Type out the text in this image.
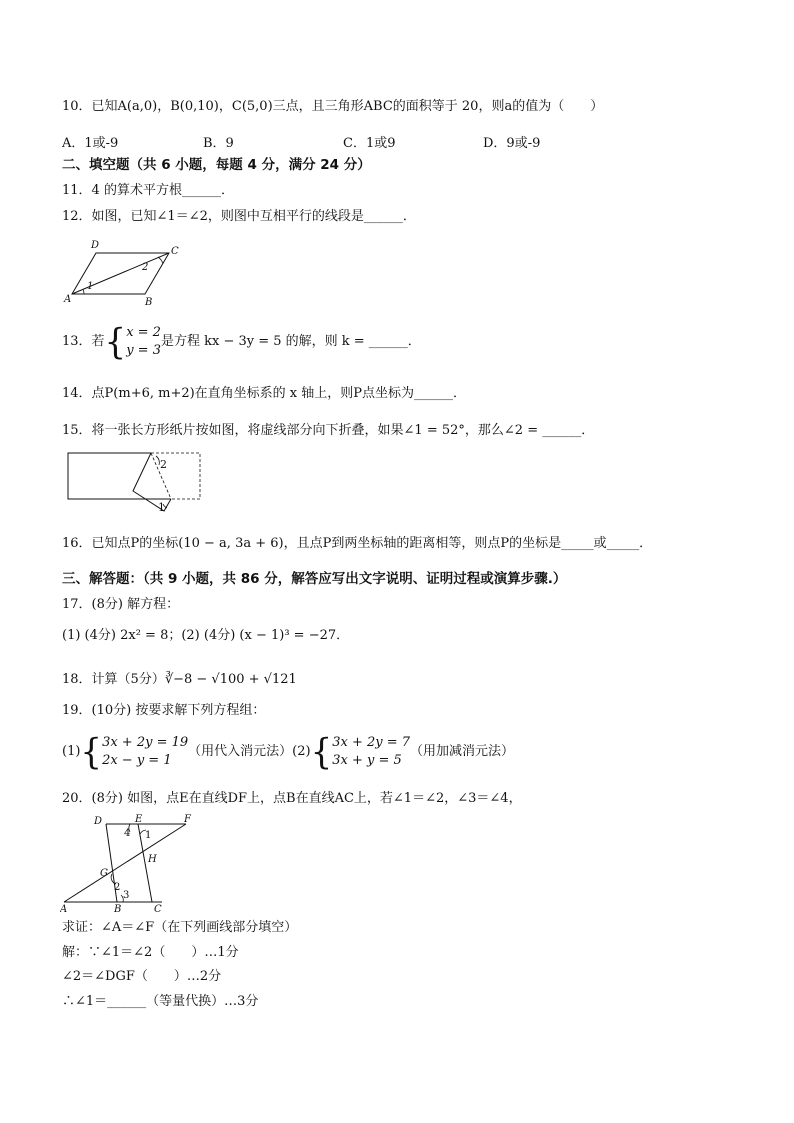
10．已知A(a,0)，B(0,10)，C(5,0)三点，且三角形ABC的面积等于 20，则a的值为（　　）
A．1或-9	B．9	C．1或9	D．9或-9
二、填空题（共 6 小题，每题 4 分，满分 24 分）
11．4 的算术平方根______．
12．如图，已知∠1＝∠2，则图中互相平行的线段是______．
D
C
A	B
1
2
13．若{x = 2
y = 3是方程 kx − 3y = 5 的解，则 k = ______．
14．点P(m+6, m+2)在直角坐标系的 x 轴上，则P点坐标为______．
15．将一张长方形纸片按如图，将虚线部分向下折叠，如果∠1 = 52°，那么∠2 = ______．
2
1
16．已知点P的坐标(10 − a, 3a + 6)，且点P到两坐标轴的距离相等，则点P的坐标是_____或_____．
三、解答题：（共 9 小题，共 86 分，解答应写出文字说明、证明过程或演算步骤.）
17．(8分) 解方程：
(1) (4分) 2x² = 8；(2) (4分) (x − 1)³ = −27．
18．计算（5分）∛−8 − √100 + √121
19．(10分) 按要求解下列方程组：
(1){3x + 2y = 19
2x − y = 1（用代入消元法）(2){3x + 2y = 7
3x + y = 5（用加减消元法）
20．(8分) 如图，点E在直线DF上，点B在直线AC上，若∠1＝∠2，∠3＝∠4，
D	E	F
4 1
H
G
2
3
A	B	C
求证：∠A＝∠F（在下列画线部分填空）
解：∵∠1＝∠2（　　）…1分
∠2＝∠DGF（　　）…2分
∴∠1＝______（等量代换）…3分
